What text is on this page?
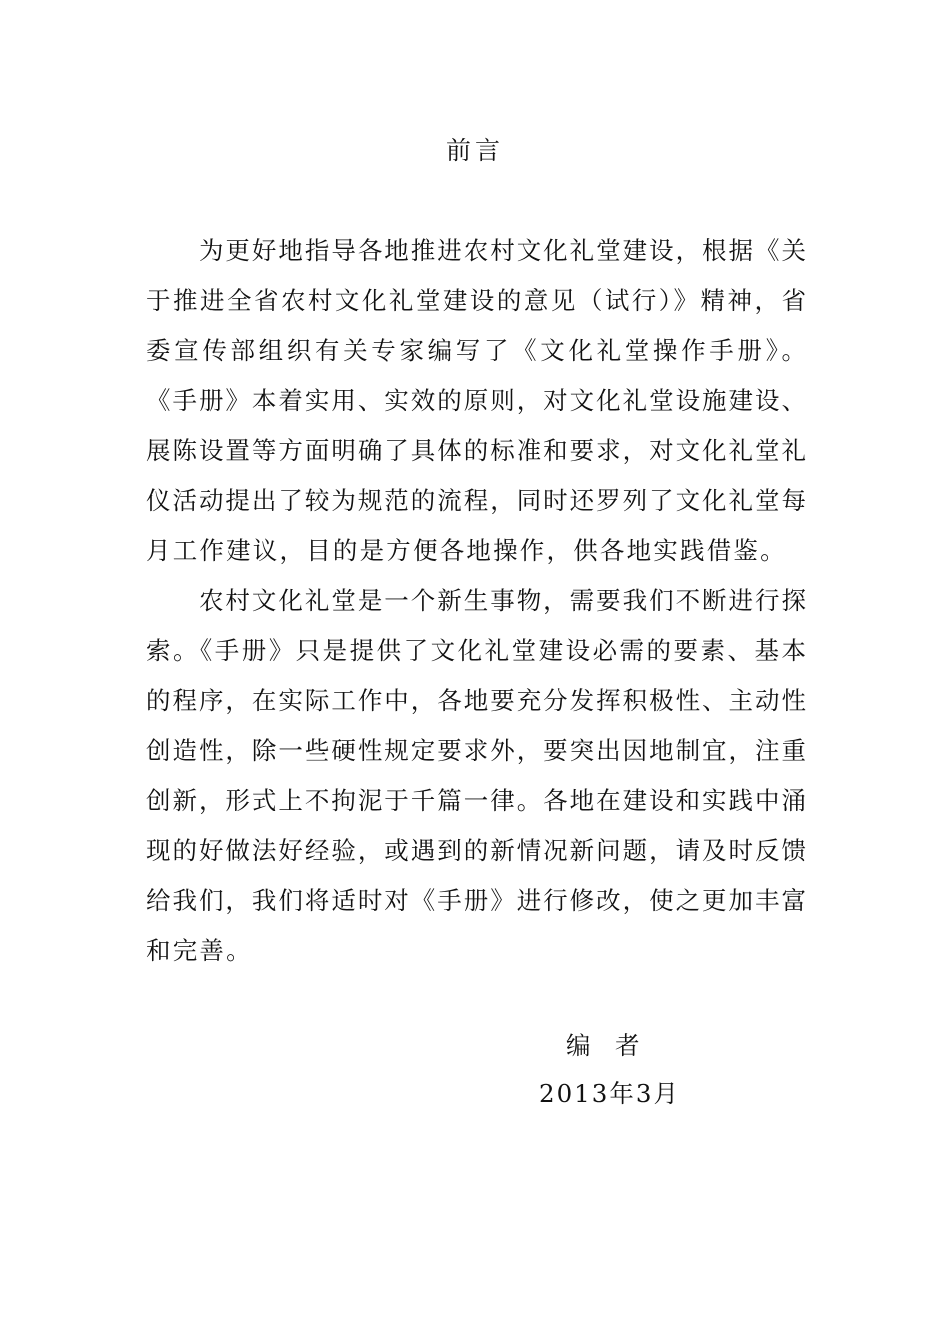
前言
　　为更好地指导各地推进农村文化礼堂建设，根据《关
于推进全省农村文化礼堂建设的意见（试行）》精神，省
委宣传部组织有关专家编写了《文化礼堂操作手册》。
《手册》本着实用、实效的原则，对文化礼堂设施建设、
展陈设置等方面明确了具体的标准和要求，对文化礼堂礼
仪活动提出了较为规范的流程，同时还罗列了文化礼堂每
月工作建议，目的是方便各地操作，供各地实践借鉴。
　　农村文化礼堂是一个新生事物，需要我们不断进行探
索。《手册》只是提供了文化礼堂建设必需的要素、基本
的程序，在实际工作中，各地要充分发挥积极性、主动性
创造性，除一些硬性规定要求外，要突出因地制宜，注重
创新，形式上不拘泥于千篇一律。各地在建设和实践中涌
现的好做法好经验，或遇到的新情况新问题，请及时反馈
给我们，我们将适时对《手册》进行修改，使之更加丰富
和完善。
编　者
2013年3月
